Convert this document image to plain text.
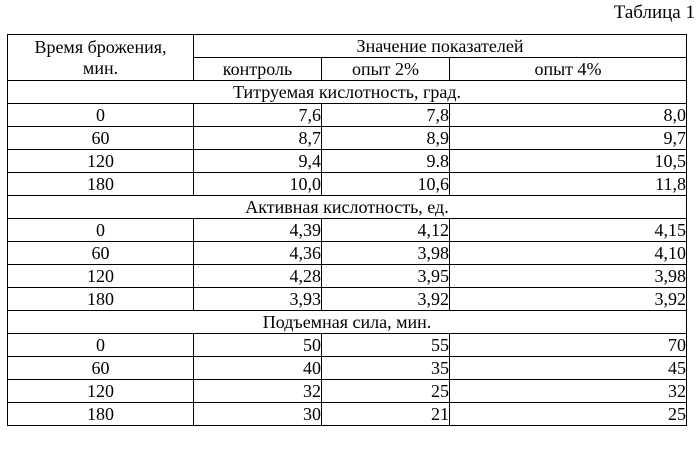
Таблица 1
Время брожения,
мин.	Значение показателей		
	контроль	опыт 2%	опыт 4%
Титруемая кислотность, град.			
0	7,6	7,8	8,0
60	8,7	8,9	9,7
120	9,4	9.8	10,5
180	10,0	10,6	11,8
Активная кислотность, ед.			
0	4,39	4,12	4,15
60	4,36	3,98	4,10
120	4,28	3,95	3,98
180	3,93	3,92	3,92
Подъемная сила, мин.			
0	50	55	70
60	40	35	45
120	32	25	32
180	30	21	25
